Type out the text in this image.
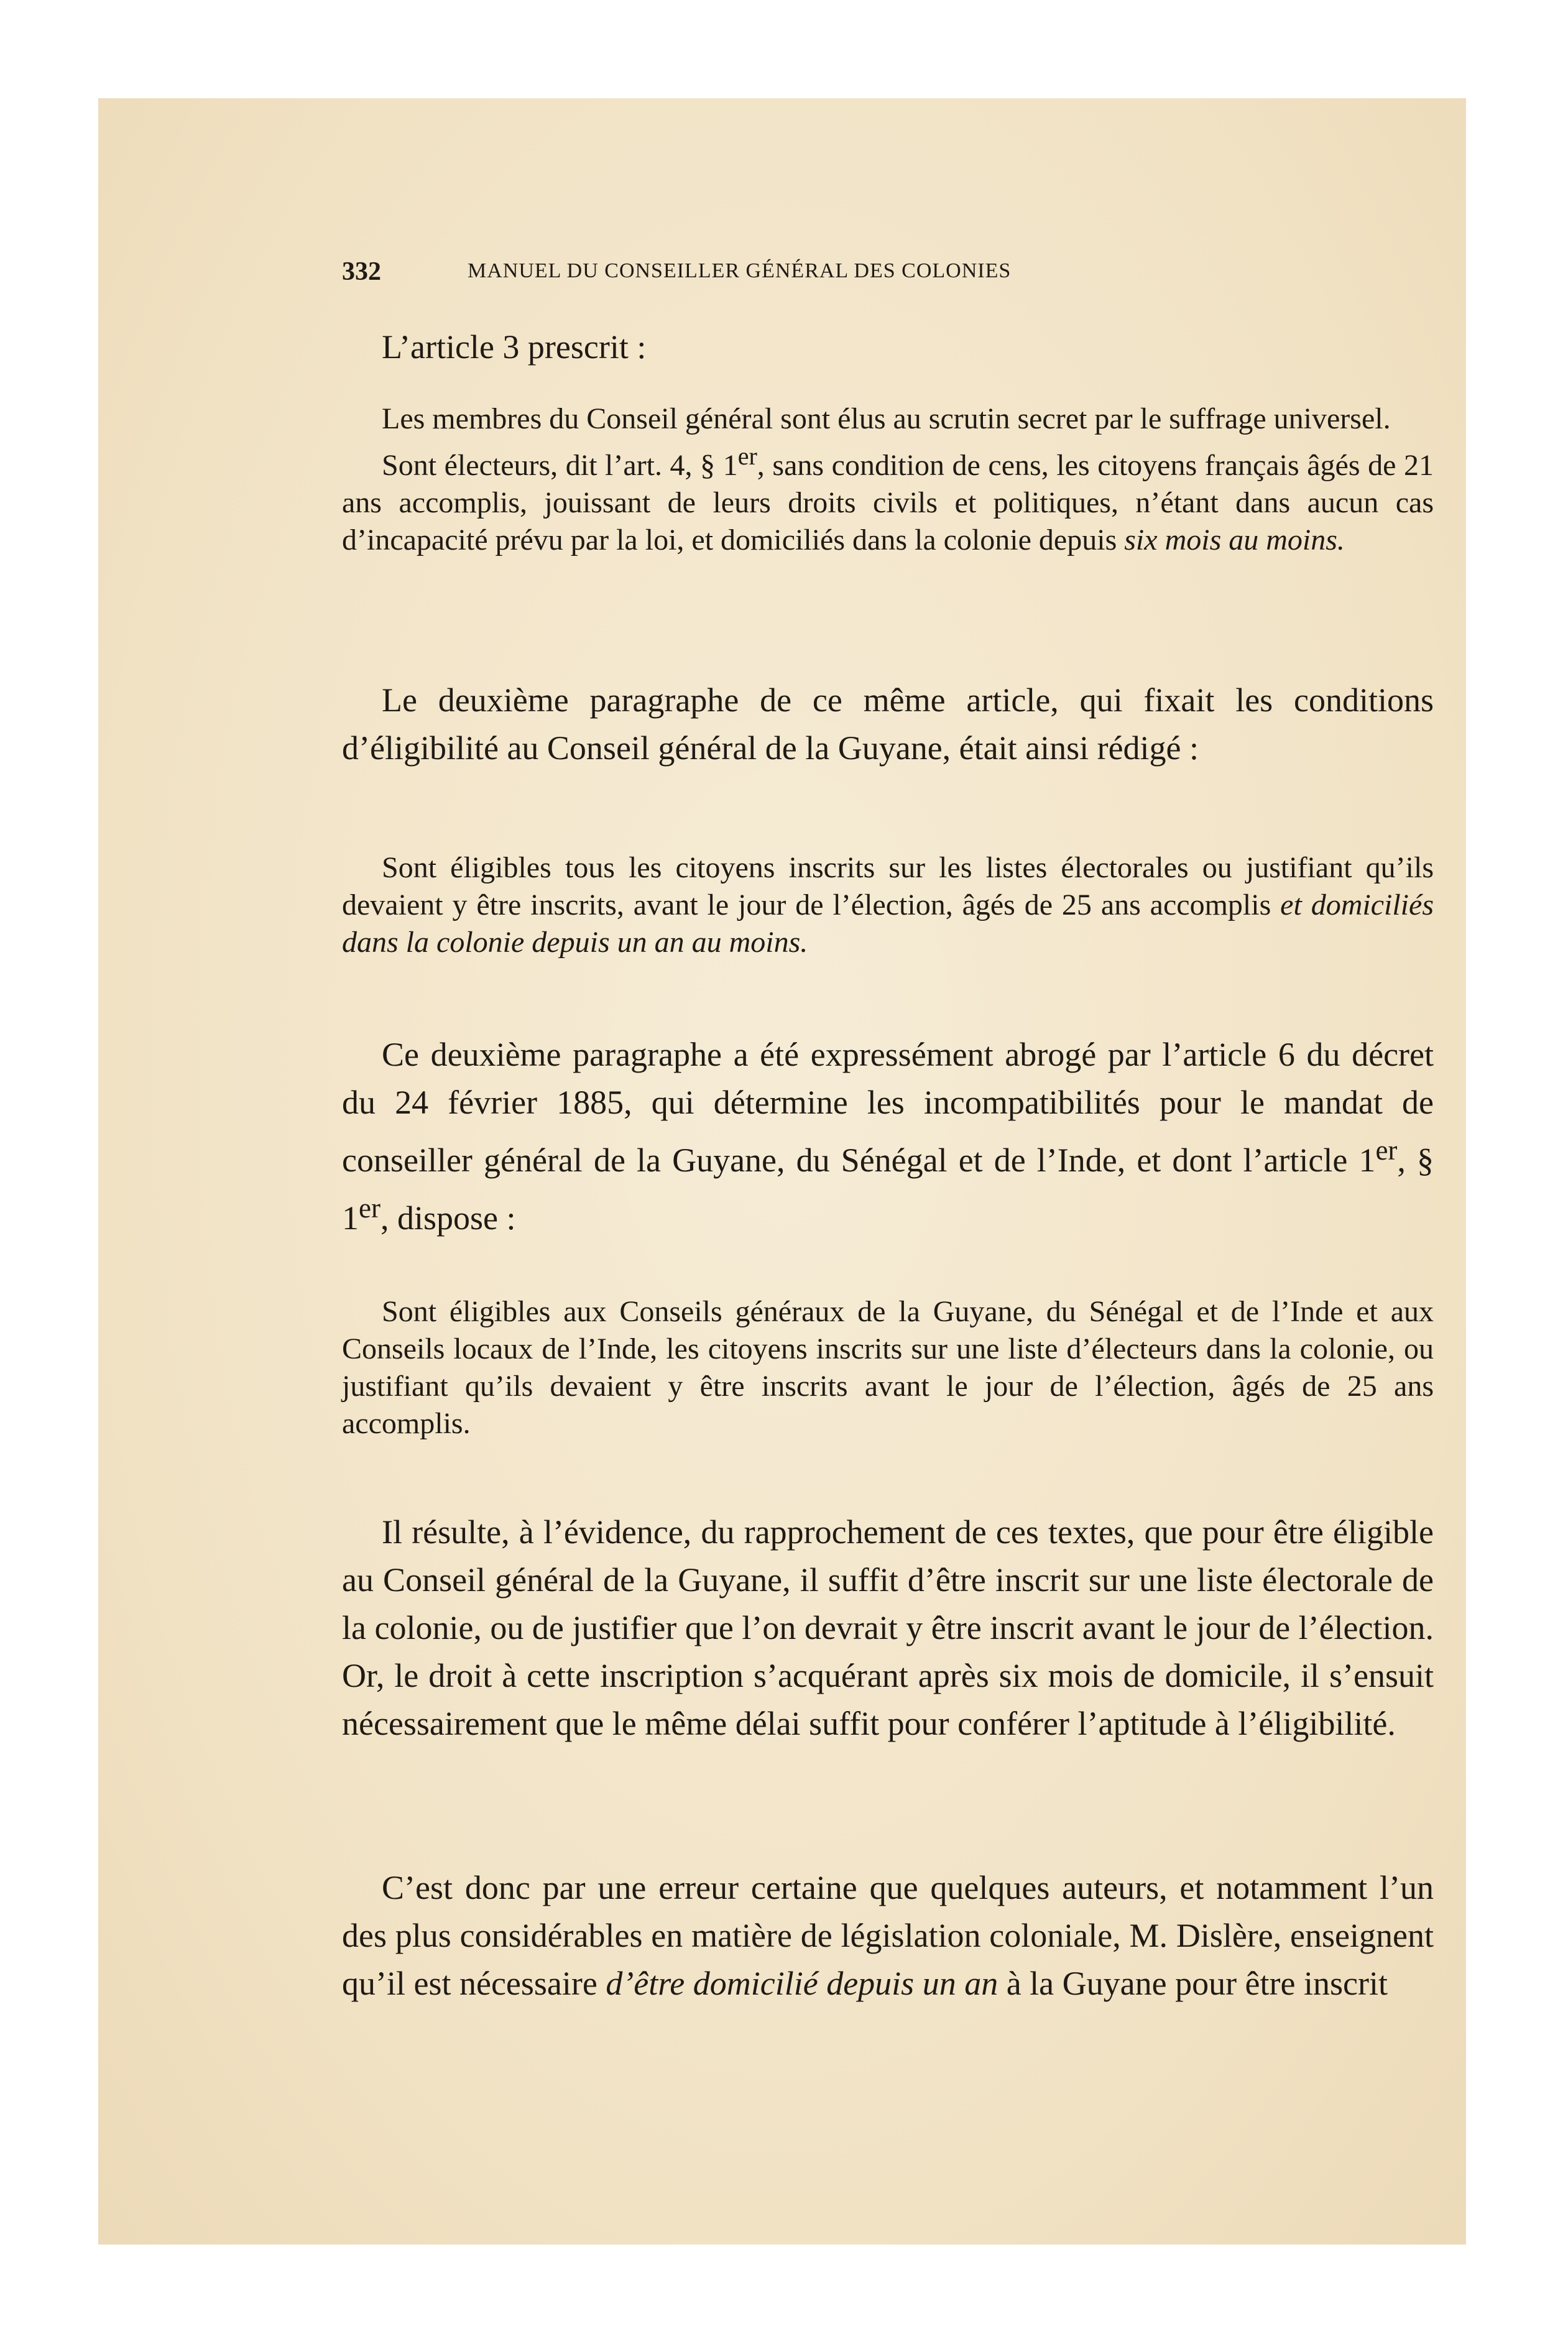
332	MANUEL DU CONSEILLER GÉNÉRAL DES COLONIES

L’article 3 prescrit :

Les membres du Conseil général sont élus au scrutin secret par le suffrage universel.
Sont électeurs, dit l’art. 4, § 1er, sans condition de cens, les citoyens français âgés de 21 ans accomplis, jouissant de leurs droits civils et politiques, n’étant dans aucun cas d’incapacité prévu par la loi, et domiciliés dans la colonie depuis six mois au moins.

Le deuxième paragraphe de ce même article, qui fixait les conditions d’éligibilité au Conseil général de la Guyane, était ainsi rédigé :

Sont éligibles tous les citoyens inscrits sur les listes électorales ou justifiant qu’ils devaient y être inscrits, avant le jour de l’élection, âgés de 25 ans accomplis et domiciliés dans la colonie depuis un an au moins.

Ce deuxième paragraphe a été expressément abrogé par l’article 6 du décret du 24 février 1885, qui détermine les incompatibilités pour le mandat de conseiller général de la Guyane, du Sénégal et de l’Inde, et dont l’article 1er, § 1er, dispose :

Sont éligibles aux Conseils généraux de la Guyane, du Sénégal et de l’Inde et aux Conseils locaux de l’Inde, les citoyens inscrits sur une liste d’électeurs dans la colonie, ou justifiant qu’ils devaient y être inscrits avant le jour de l’élection, âgés de 25 ans accomplis.

Il résulte, à l’évidence, du rapprochement de ces textes, que pour être éligible au Conseil général de la Guyane, il suffit d’être inscrit sur une liste électorale de la colonie, ou de justifier que l’on devrait y être inscrit avant le jour de l’élection. Or, le droit à cette inscription s’acquérant après six mois de domicile, il s’ensuit nécessairement que le même délai suffit pour conférer l’aptitude à l’éligibilité.

C’est donc par une erreur certaine que quelques auteurs, et notamment l’un des plus considérables en matière de législation coloniale, M. Dislère, enseignent qu’il est nécessaire d’être domicilié depuis un an à la Guyane pour être inscrit
